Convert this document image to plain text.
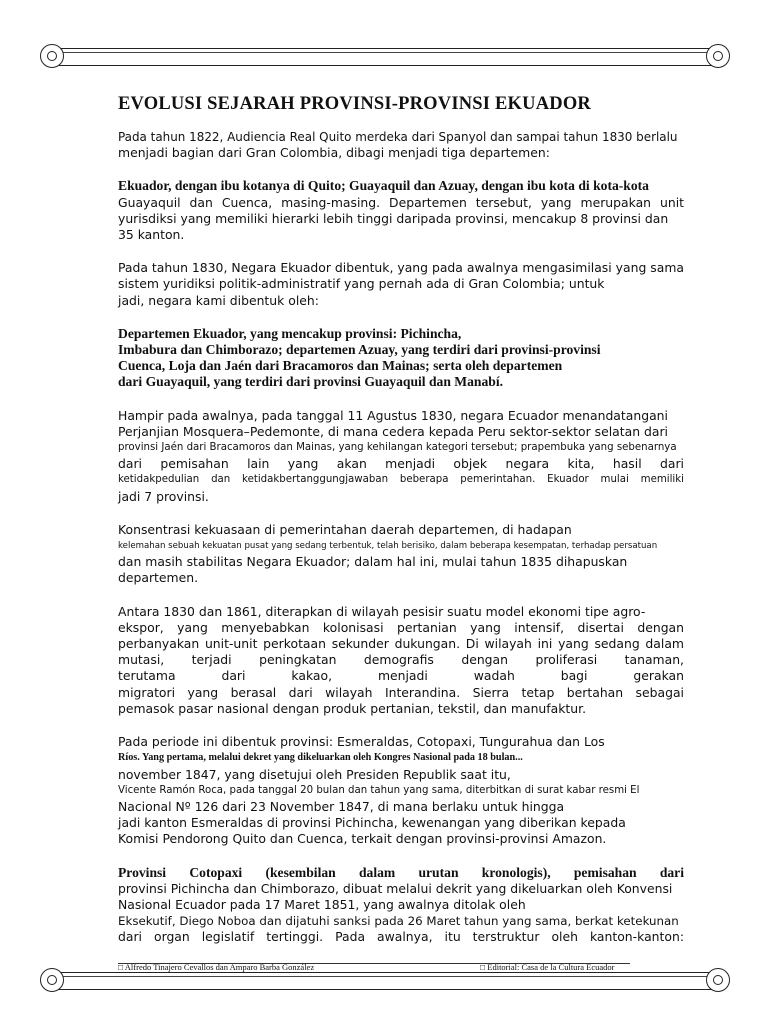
EVOLUSI SEJARAH PROVINSI-PROVINSI EKUADOR
Pada tahun 1822, Audiencia Real Quito merdeka dari Spanyol dan sampai tahun 1830 berlalu
menjadi bagian dari Gran Colombia, dibagi menjadi tiga departemen:
Ekuador, dengan ibu kotanya di Quito; Guayaquil dan Azuay, dengan ibu kota di kota-kota
Guayaquil dan Cuenca, masing-masing. Departemen tersebut, yang merupakan unit
yurisdiksi yang memiliki hierarki lebih tinggi daripada provinsi, mencakup 8 provinsi dan
35 kanton.
Pada tahun 1830, Negara Ekuador dibentuk, yang pada awalnya mengasimilasi yang sama
sistem yuridiksi politik-administratif yang pernah ada di Gran Colombia; untuk
jadi, negara kami dibentuk oleh:
Departemen Ekuador, yang mencakup provinsi: Pichincha,
Imbabura dan Chimborazo; departemen Azuay, yang terdiri dari provinsi-provinsi
Cuenca, Loja dan Jaén dari Bracamoros dan Mainas; serta oleh departemen
dari Guayaquil, yang terdiri dari provinsi Guayaquil dan Manabí.
Hampir pada awalnya, pada tanggal 11 Agustus 1830, negara Ecuador menandatangani
Perjanjian Mosquera–Pedemonte, di mana cedera kepada Peru sektor-sektor selatan dari
provinsi Jaén dari Bracamoros dan Mainas, yang kehilangan kategori tersebut; prapembuka yang sebenarnya
dari pemisahan lain yang akan menjadi objek negara kita, hasil dari
ketidakpedulian dan ketidakbertanggungjawaban beberapa pemerintahan. Ekuador mulai memiliki
jadi 7 provinsi.
Konsentrasi kekuasaan di pemerintahan daerah departemen, di hadapan
kelemahan sebuah kekuatan pusat yang sedang terbentuk, telah berisiko, dalam beberapa kesempatan, terhadap persatuan
dan masih stabilitas Negara Ekuador; dalam hal ini, mulai tahun 1835 dihapuskan
departemen.
Antara 1830 dan 1861, diterapkan di wilayah pesisir suatu model ekonomi tipe agro-
ekspor, yang menyebabkan kolonisasi pertanian yang intensif, disertai dengan
perbanyakan unit-unit perkotaan sekunder dukungan. Di wilayah ini yang sedang dalam
mutasi, terjadi peningkatan demografis dengan proliferasi tanaman,
terutama dari kakao, menjadi wadah bagi gerakan
migratori yang berasal dari wilayah Interandina. Sierra tetap bertahan sebagai
pemasok pasar nasional dengan produk pertanian, tekstil, dan manufaktur.
Pada periode ini dibentuk provinsi: Esmeraldas, Cotopaxi, Tungurahua dan Los
Ríos. Yang pertama, melalui dekret yang dikeluarkan oleh Kongres Nasional pada 18 bulan...
november 1847, yang disetujui oleh Presiden Republik saat itu,
Vicente Ramón Roca, pada tanggal 20 bulan dan tahun yang sama, diterbitkan di surat kabar resmi El
Nacional Nº 126 dari 23 November 1847, di mana berlaku untuk hingga
jadi kanton Esmeraldas di provinsi Pichincha, kewenangan yang diberikan kepada
Komisi Pendorong Quito dan Cuenca, terkait dengan provinsi-provinsi Amazon.
Provinsi Cotopaxi (kesembilan dalam urutan kronologis), pemisahan dari
provinsi Pichincha dan Chimborazo, dibuat melalui dekrit yang dikeluarkan oleh Konvensi
Nasional Ecuador pada 17 Maret 1851, yang awalnya ditolak oleh
Eksekutif, Diego Noboa dan dijatuhi sanksi pada 26 Maret tahun yang sama, berkat ketekunan
dari organ legislatif tertinggi. Pada awalnya, itu terstruktur oleh kanton-kanton:
□ Alfredo Tinajero Cevallos dan Amparo Barba González	□ Editorial: Casa de la Cultura Ecuador
